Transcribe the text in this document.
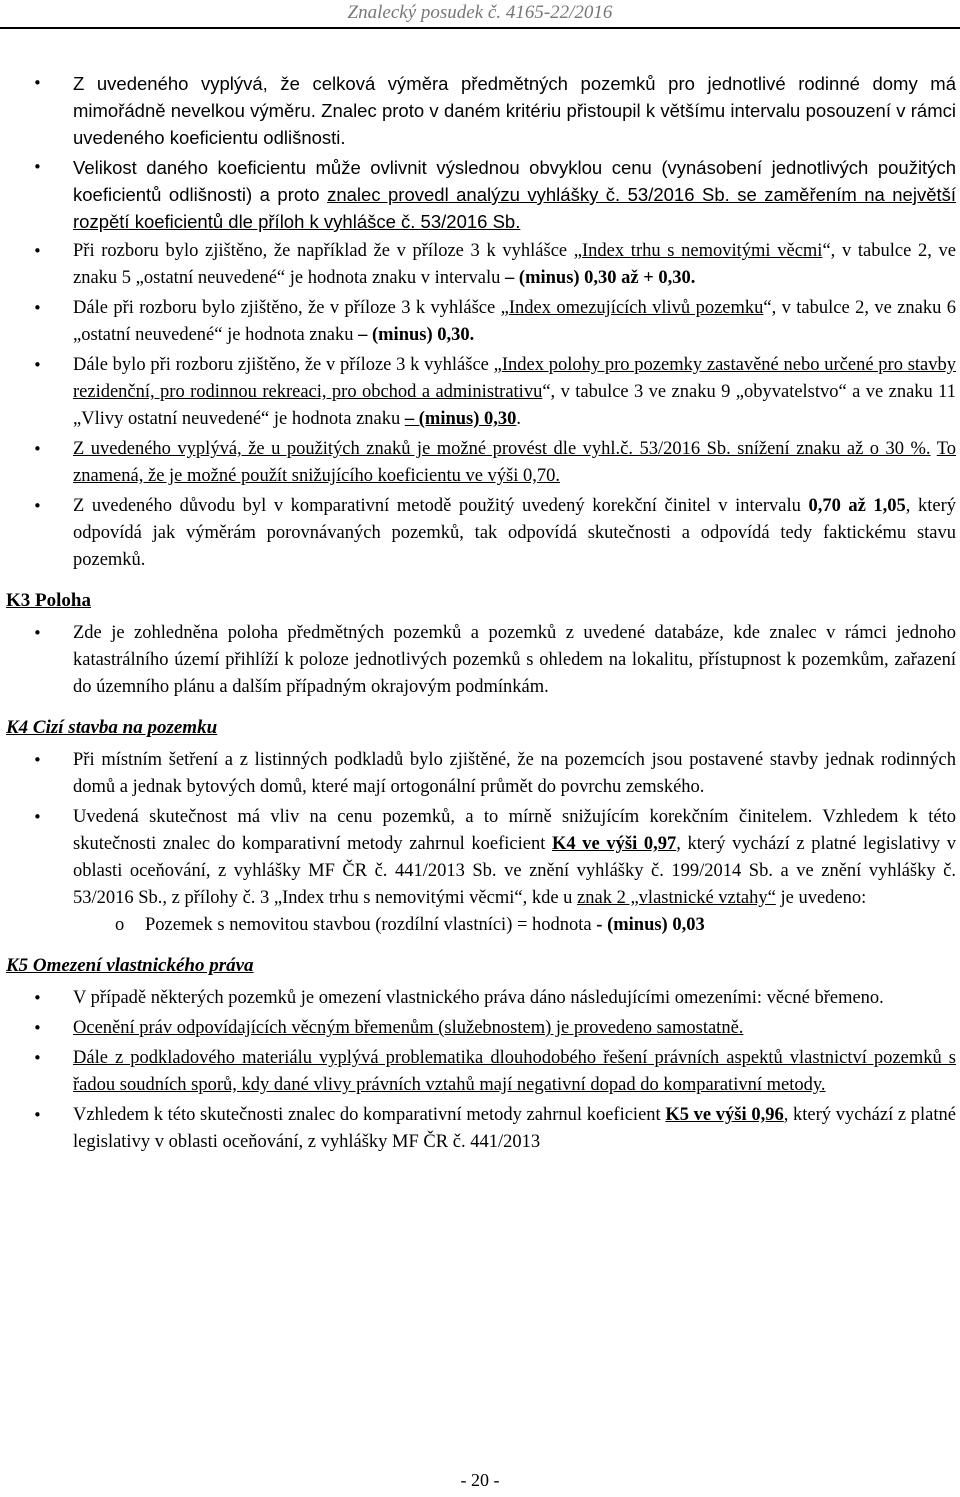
Znalecký posudek č. 4165-22/2016
• Z uvedeného vyplývá, že celková výměra předmětných pozemků pro jednotlivé rodinné domy má mimořádně nevelkou výměru. Znalec proto v daném kritériu přistoupil k většímu intervalu posouzení v rámci uvedeného koeficientu odlišnosti.
• Velikost daného koeficientu může ovlivnit výslednou obvyklou cenu (vynásobení jednotlivých použitých koeficientů odlišnosti) a proto znalec provedl analýzu vyhlášky č. 53/2016 Sb. se zaměřením na největší rozpětí koeficientů dle příloh k vyhlášce č. 53/2016 Sb.
• Při rozboru bylo zjištěno, že například že v příloze 3 k vyhlášce „Index trhu s nemovitými věcmi“, v tabulce 2, ve znaku 5 „ostatní neuvedené“ je hodnota znaku v intervalu – (minus) 0,30 až + 0,30.
• Dále při rozboru bylo zjištěno, že v příloze 3 k vyhlášce „Index omezujících vlivů pozemku“, v tabulce 2, ve znaku 6 „ostatní neuvedené“ je hodnota znaku – (minus) 0,30.
• Dále bylo při rozboru zjištěno, že v příloze 3 k vyhlášce „Index polohy pro pozemky zastavěné nebo určené pro stavby rezidenční, pro rodinnou rekreaci, pro obchod a administrativu“, v tabulce 3 ve znaku 9 „obyvatelstvo“ a ve znaku 11 „Vlivy ostatní neuvedené“ je hodnota znaku – (minus) 0,30.
• Z uvedeného vyplývá, že u použitých znaků je možné provést dle vyhl.č. 53/2016 Sb. snížení znaku až o 30 %. To znamená, že je možné použít snižujícího koeficientu ve výši 0,70.
• Z uvedeného důvodu byl v komparativní metodě použitý uvedený korekční činitel v intervalu 0,70 až 1,05, který odpovídá jak výměrám porovnávaných pozemků, tak odpovídá skutečnosti a odpovídá tedy faktickému stavu pozemků.
K3 Poloha
• Zde je zohledněna poloha předmětných pozemků a pozemků z uvedené databáze, kde znalec v rámci jednoho katastrálního území přihlíží k poloze jednotlivých pozemků s ohledem na lokalitu, přístupnost k pozemkům, zařazení do územního plánu a dalším případným okrajovým podmínkám.
K4 Cizí stavba na pozemku
• Při místním šetření a z listinných podkladů bylo zjištěné, že na pozemcích jsou postavené stavby jednak rodinných domů a jednak bytových domů, které mají ortogonální průmět do povrchu zemského.
• Uvedená skutečnost má vliv na cenu pozemků, a to mírně snižujícím korekčním činitelem. Vzhledem k této skutečnosti znalec do komparativní metody zahrnul koeficient K4 ve výši 0,97, který vychází z platné legislativy v oblasti oceňování, z vyhlášky MF ČR č. 441/2013 Sb. ve znění vyhlášky č. 199/2014 Sb. a ve znění vyhlášky č. 53/2016 Sb., z přílohy č. 3 „Index trhu s nemovitými věcmi“, kde u znak 2 „vlastnické vztahy“ je uvedeno:
o Pozemek s nemovitou stavbou (rozdílní vlastníci) = hodnota - (minus) 0,03
K5 Omezení vlastnického práva
• V případě některých pozemků je omezení vlastnického práva dáno následujícími omezeními: věcné břemeno.
• Ocenění práv odpovídajících věcným břemenům (služebnostem) je provedeno samostatně.
• Dále z podkladového materiálu vyplývá problematika dlouhodobého řešení právních aspektů vlastnictví pozemků s řadou soudních sporů, kdy dané vlivy právních vztahů mají negativní dopad do komparativní metody.
• Vzhledem k této skutečnosti znalec do komparativní metody zahrnul koeficient K5 ve výši 0,96, který vychází z platné legislativy v oblasti oceňování, z vyhlášky MF ČR č. 441/2013
- 20 -
